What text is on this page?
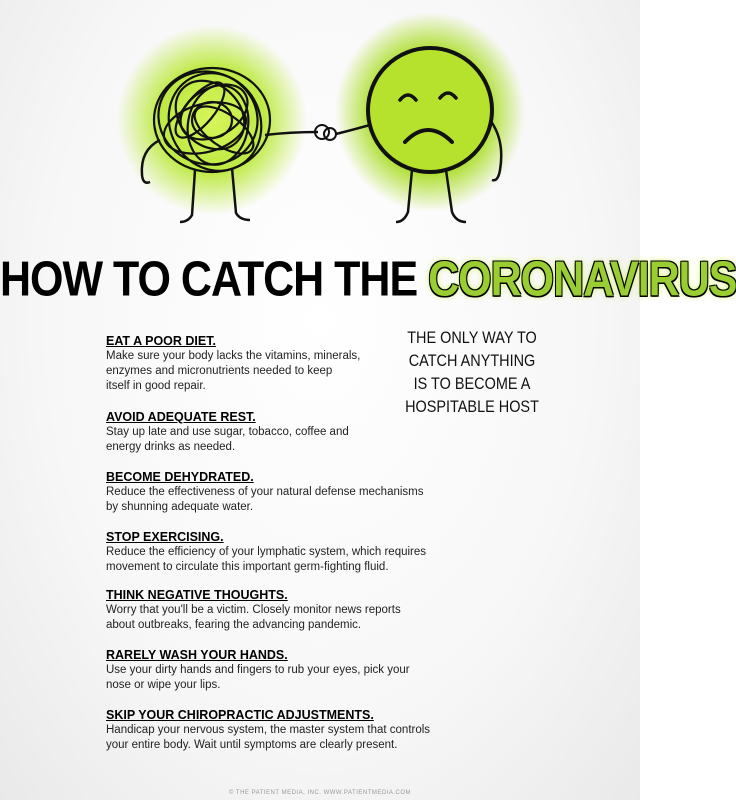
HOW TO CATCH THE CORONAVIRUS
THE ONLY WAY TO
CATCH ANYTHING
IS TO BECOME A
HOSPITABLE HOST
EAT A POOR DIET.
Make sure your body lacks the vitamins, minerals,
enzymes and micronutrients needed to keep
itself in good repair.
AVOID ADEQUATE REST.
Stay up late and use sugar, tobacco, coffee and
energy drinks as needed.
BECOME DEHYDRATED.
Reduce the effectiveness of your natural defense mechanisms
by shunning adequate water.
STOP EXERCISING.
Reduce the efficiency of your lymphatic system, which requires
movement to circulate this important germ-fighting fluid.
THINK NEGATIVE THOUGHTS.
Worry that you'll be a victim. Closely monitor news reports
about outbreaks, fearing the advancing pandemic.
RARELY WASH YOUR HANDS.
Use your dirty hands and fingers to rub your eyes, pick your
nose or wipe your lips.
SKIP YOUR CHIROPRACTIC ADJUSTMENTS.
Handicap your nervous system, the master system that controls
your entire body. Wait until symptoms are clearly present.
© THE PATIENT MEDIA, INC. WWW.PATIENTMEDIA.COM
